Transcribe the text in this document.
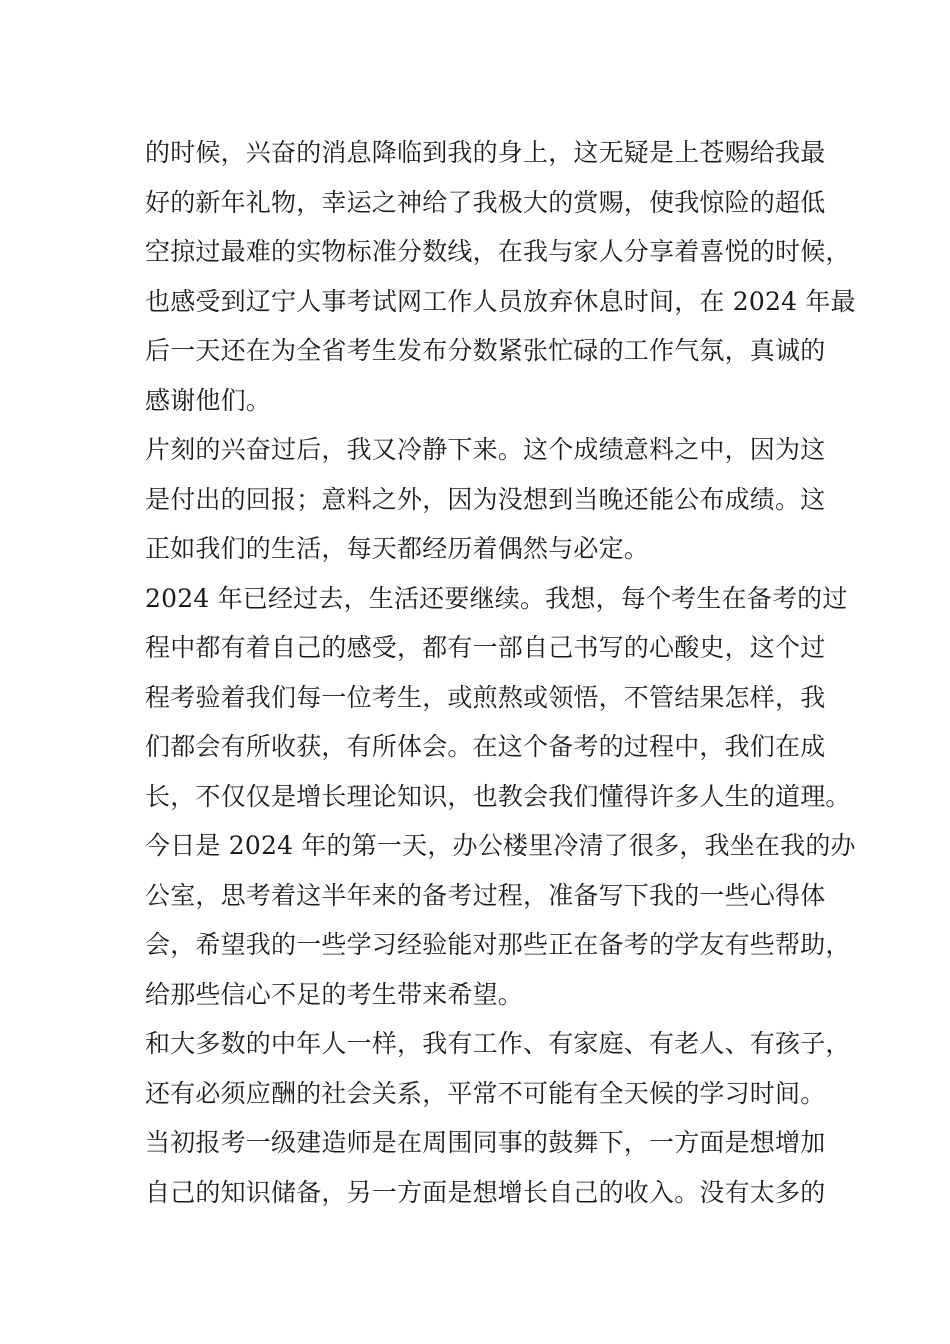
的时候，兴奋的消息降临到我的身上，这无疑是上苍赐给我最
好的新年礼物，幸运之神给了我极大的赏赐，使我惊险的超低
空掠过最难的实物标准分数线，在我与家人分享着喜悦的时候，
也感受到辽宁人事考试网工作人员放弃休息时间，在 2024 年最
后一天还在为全省考生发布分数紧张忙碌的工作气氛，真诚的
感谢他们。
片刻的兴奋过后，我又冷静下来。这个成绩意料之中，因为这
是付出的回报；意料之外，因为没想到当晚还能公布成绩。这
正如我们的生活，每天都经历着偶然与必定。
2024 年已经过去，生活还要继续。我想，每个考生在备考的过
程中都有着自己的感受，都有一部自己书写的心酸史，这个过
程考验着我们每一位考生，或煎熬或领悟，不管结果怎样，我
们都会有所收获，有所体会。在这个备考的过程中，我们在成
长，不仅仅是增长理论知识，也教会我们懂得许多人生的道理。
今日是 2024 年的第一天，办公楼里冷清了很多，我坐在我的办
公室，思考着这半年来的备考过程，准备写下我的一些心得体
会，希望我的一些学习经验能对那些正在备考的学友有些帮助，
给那些信心不足的考生带来希望。
和大多数的中年人一样，我有工作、有家庭、有老人、有孩子，
还有必须应酬的社会关系，平常不可能有全天候的学习时间。
当初报考一级建造师是在周围同事的鼓舞下，一方面是想增加
自己的知识储备，另一方面是想增长自己的收入。没有太多的
